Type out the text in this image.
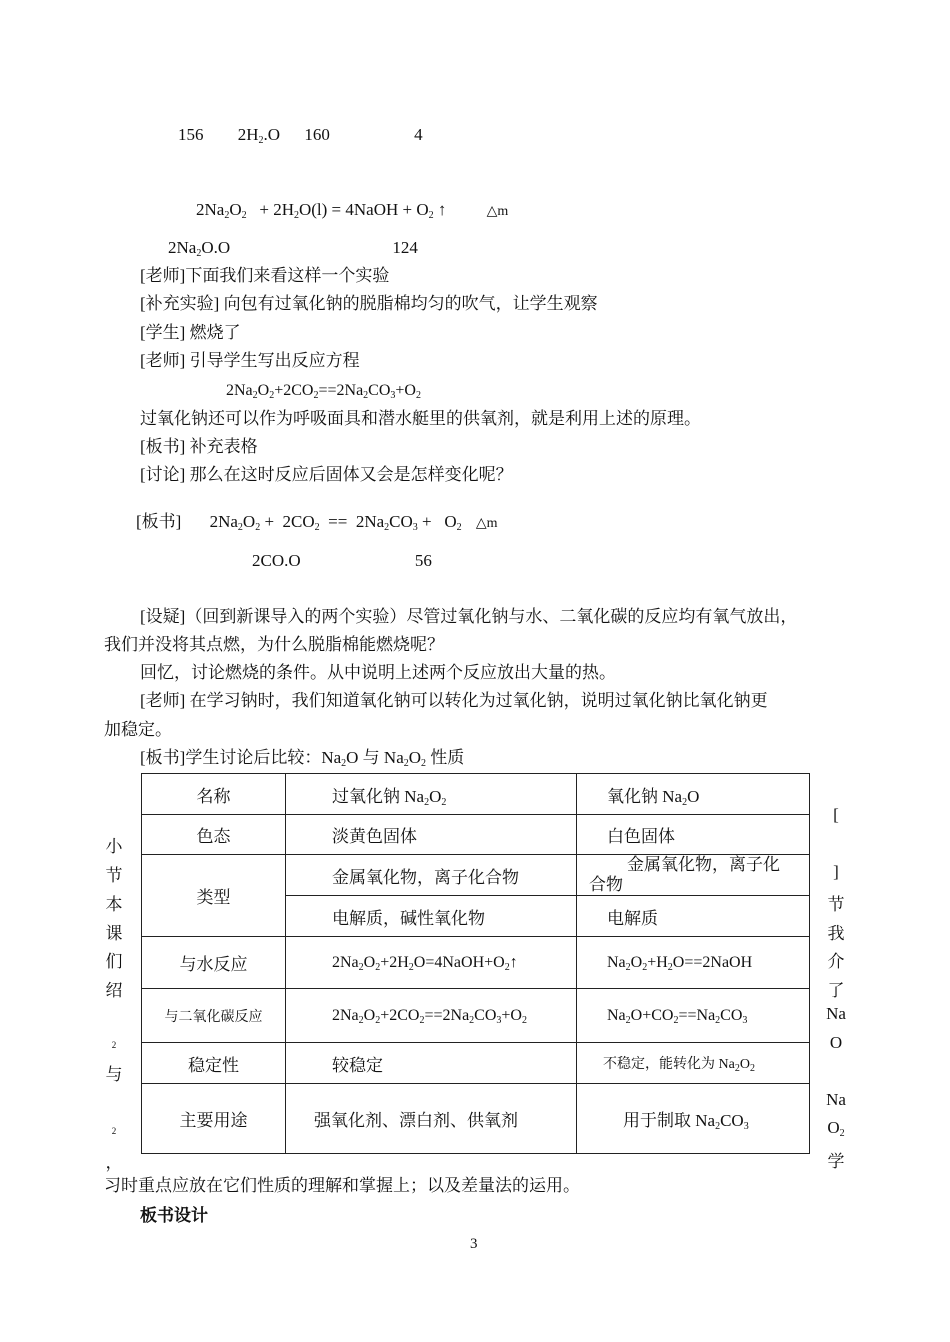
156 $2H_2.O$ 160	4
$2Na_2O_2 + 2H_2O(l)$ = 4NaOH + $O_2$ ↑	△m
$2Na_2O.O$	124
[老师]下面我们来看这样一个实验
[补充实验] 向包有过氧化钠的脱脂棉均匀的吹气，让学生观察
[学生] 燃烧了
[老师] 引导学生写出反应方程
$2Na_2O_2+2CO_2==2Na_2CO_3+O_2$
过氧化钠还可以作为呼吸面具和潜水艇里的供氧剂，就是利用上述的原理。
[板书] 补充表格
[讨论] 那么在这时反应后固体又会是怎样变化呢？
[板书] $2Na_2O_2 + 2CO_2 == 2Na_2CO_3 + O_2$ △m
2CO.O	56
[设疑]（回到新课导入的两个实验）尽管过氧化钠与水、二氧化碳的反应均有氧气放出，
我们并没将其点燃，为什么脱脂棉能燃烧呢？
回忆，讨论燃烧的条件。从中说明上述两个反应放出大量的热。
[老师] 在学习钠时，我们知道氧化钠可以转化为过氧化钠，说明过氧化钠比氧化钠更
加稳定。
[板书]学生讨论后比较：$Na_2O$ 与 $Na_2O_2$ 性质
名称	过氧化钠 $Na_2O_2$	氧化钠 $Na_2O$
色态	淡黄色固体	白色固体
类型	金属氧化物，离子化合物	金属氧化物，离子化
合物

	电解质，碱性氧化物	电解质
与水反应	$2Na_2O_2+2H_2O=4NaOH+O_2↑$	$Na_2O_2+H_2O==2NaOH$
与二氧化碳反应	$2Na_2O_2+2CO_2==2Na_2CO_3+O_2$	$Na_2O+CO_2==Na_2CO_3$
稳定性	较稳定	不稳定，能转化为 $Na_2O_2$
主要用途	强氧化剂、漂白剂、供氧剂	用于制取 $Na_2CO_3$
小
节
本
课
们
绍
2
与
2
，
[
]
节
我
介
了
Na
O
Na
$O_2$
学
习时重点应放在它们性质的理解和掌握上；以及差量法的运用。
板书设计
3
